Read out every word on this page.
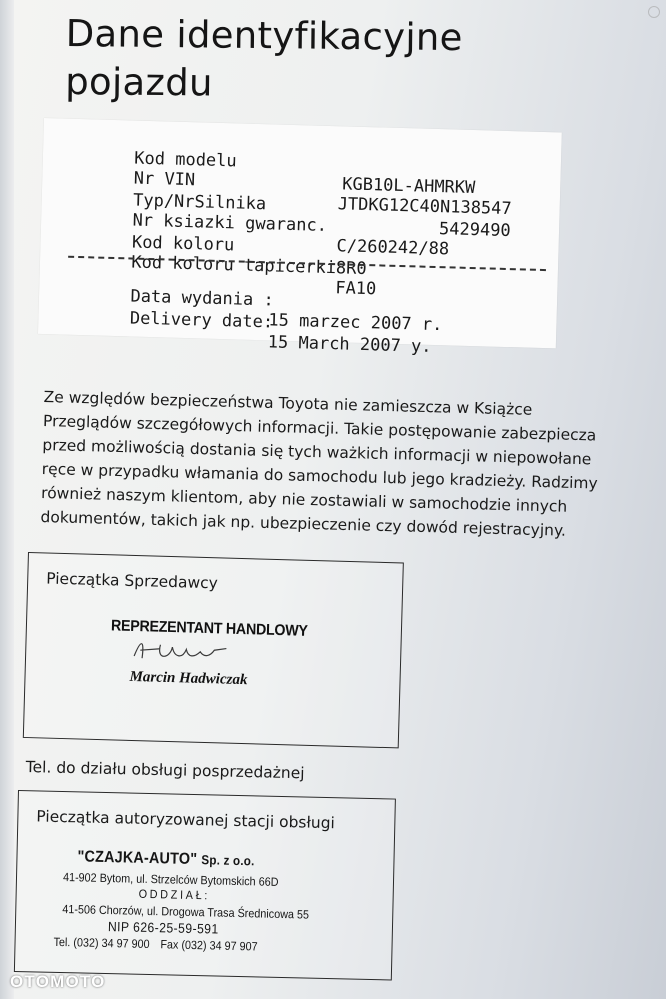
Dane identyfikacyjne
pojazdu

Kod modelu

KGB10L-AHMRKW

Nr VIN

JTDKG12C40N138547

Typ/NrSilnika

5429490

Nr ksiazki gwaranc.

C/260242/88

Kod koloru

8R0

Kod koloru tapicerki

FA10

Data wydania :

15 marzec 2007 r.

Delivery date:

15 March 2007 y.

Ze względów bezpieczeństwa Toyota nie zamieszcza w Książce
Przeglądów szczegółowych informacji. Takie postępowanie zabezpiecza
przed możliwością dostania się tych ważkich informacji w niepowołane
ręce w przypadku włamania do samochodu lub jego kradzieży. Radzimy
również naszym klientom, aby nie zostawiali w samochodzie innych
dokumentów, takich jak np. ubezpieczenie czy dowód rejestracyjny.
Pieczątka Sprzedawcy
REPREZENTANT HANDLOWY
Marcin Hadwiczak
Tel. do działu obsługi posprzedażnej
Pieczątka autoryzowanej stacji obsługi
"CZAJKA-AUTO" Sp. z o.o.
41-902 Bytom, ul. Strzelców Bytomskich 66D
ODDZIAŁ:
41-506 Chorzów, ul. Drogowa Trasa Średnicowa 55
NIP 626-25-59-591
Tel. (032) 34 97 900 Fax (032) 34 97 907
OTOMOTO
